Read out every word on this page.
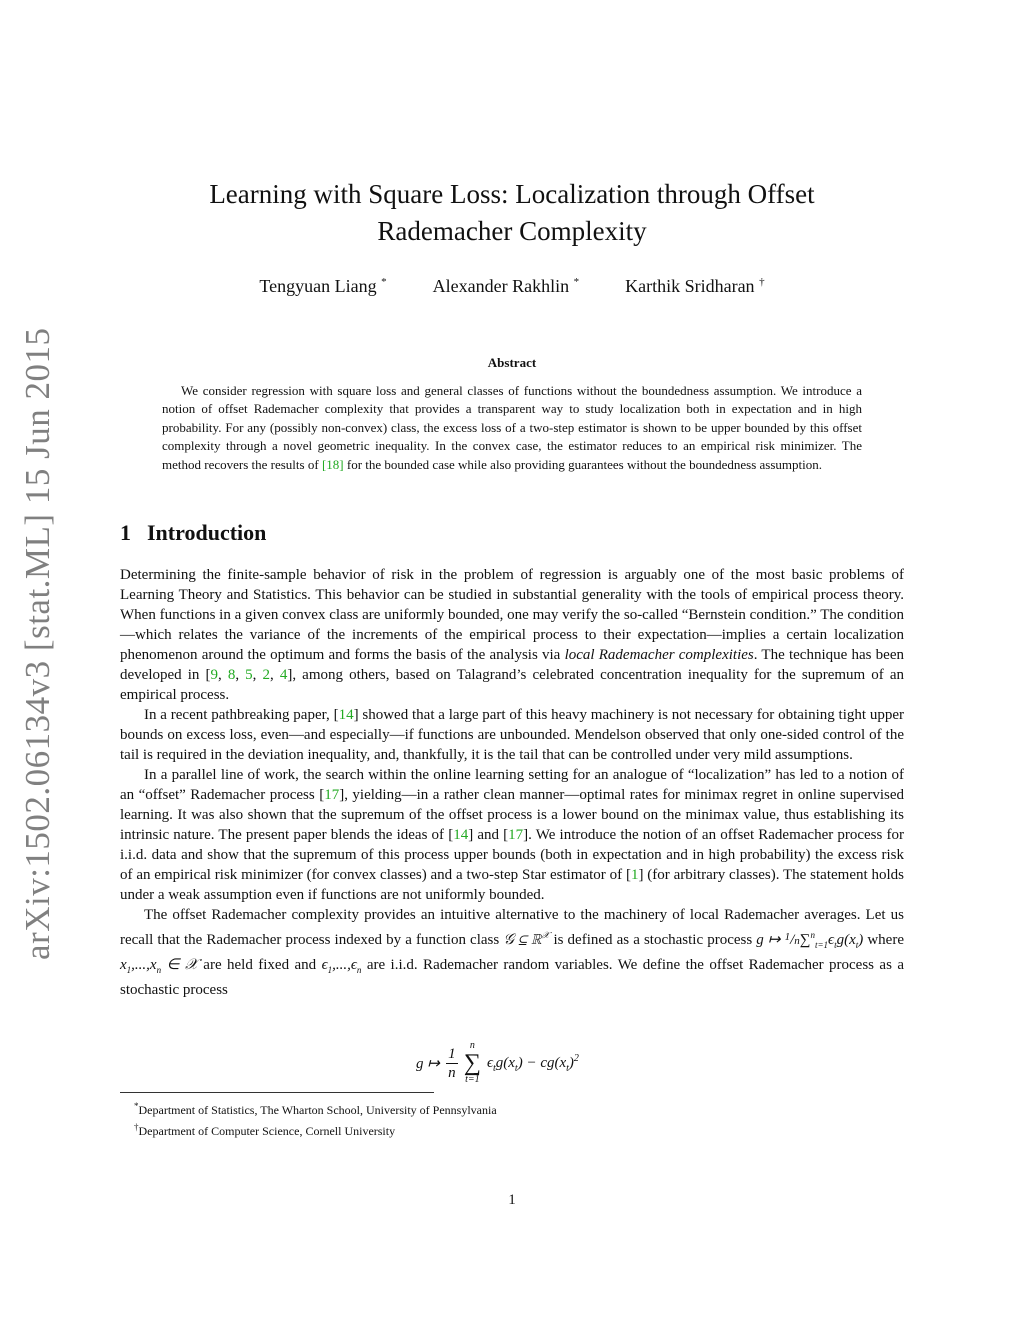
arXiv:1502.06134v3 [stat.ML] 15 Jun 2015
Learning with Square Loss: Localization through Offset
Rademacher Complexity
Tengyuan Liang *	Alexander Rakhlin *	Karthik Sridharan †
Abstract
We consider regression with square loss and general classes of functions without the boundedness assumption. We introduce a notion of offset Rademacher complexity that provides a transparent way to study localization both in expectation and in high probability. For any (possibly non-convex) class, the excess loss of a two-step estimator is shown to be upper bounded by this offset complexity through a novel geometric inequality. In the convex case, the estimator reduces to an empirical risk minimizer. The method recovers the results of [18] for the bounded case while also providing guarantees without the boundedness assumption.
1 Introduction

Determining the finite-sample behavior of risk in the problem of regression is arguably one of the most basic problems of Learning Theory and Statistics. This behavior can be studied in substantial generality with the tools of empirical process theory. When functions in a given convex class are uniformly bounded, one may verify the so-called “Bernstein condition.” The condition—which relates the variance of the increments of the empirical process to their expectation—implies a certain localization phenomenon around the optimum and forms the basis of the analysis via local Rademacher complexities. The technique has been developed in [9, 8, 5, 2, 4], among others, based on Talagrand’s celebrated concentration inequality for the supremum of an empirical process.

In a recent pathbreaking paper, [14] showed that a large part of this heavy machinery is not necessary for obtaining tight upper bounds on excess loss, even—and especially—if functions are unbounded. Mendelson observed that only one-sided control of the tail is required in the deviation inequality, and, thankfully, it is the tail that can be controlled under very mild assumptions.

In a parallel line of work, the search within the online learning setting for an analogue of “localization” has led to a notion of an “offset” Rademacher process [17], yielding—in a rather clean manner—optimal rates for minimax regret in online supervised learning. It was also shown that the supremum of the offset process is a lower bound on the minimax value, thus establishing its intrinsic nature. The present paper blends the ideas of [14] and [17]. We introduce the notion of an offset Rademacher process for i.i.d. data and show that the supremum of this process upper bounds (both in expectation and in high probability) the excess risk of an empirical risk minimizer (for convex classes) and a two-step Star estimator of [1] (for arbitrary classes). The statement holds under a weak assumption even if functions are not uniformly bounded.

The offset Rademacher complexity provides an intuitive alternative to the machinery of local Rademacher averages. Let us recall that the Rademacher process indexed by a function class 𝒢 ⊆ ℝ$^𝒳$ is defined as a stochastic process g ↦ $^1/n\sum^n_{t=1}\epsilon_tg(x_t)$ where $x_1,...,x_n$ ∈ 𝒳 are held fixed and $\epsilon_1,...,\epsilon_n$ are i.i.d. Rademacher random variables. We define the offset Rademacher process as a stochastic process

g ↦ $\frac{1}{n}$ n
∑
t=1
$\epsilon_tg(x_t) - cg(x_t)^2$
*Department of Statistics, The Wharton School, University of Pennsylvania
†Department of Computer Science, Cornell University
1
